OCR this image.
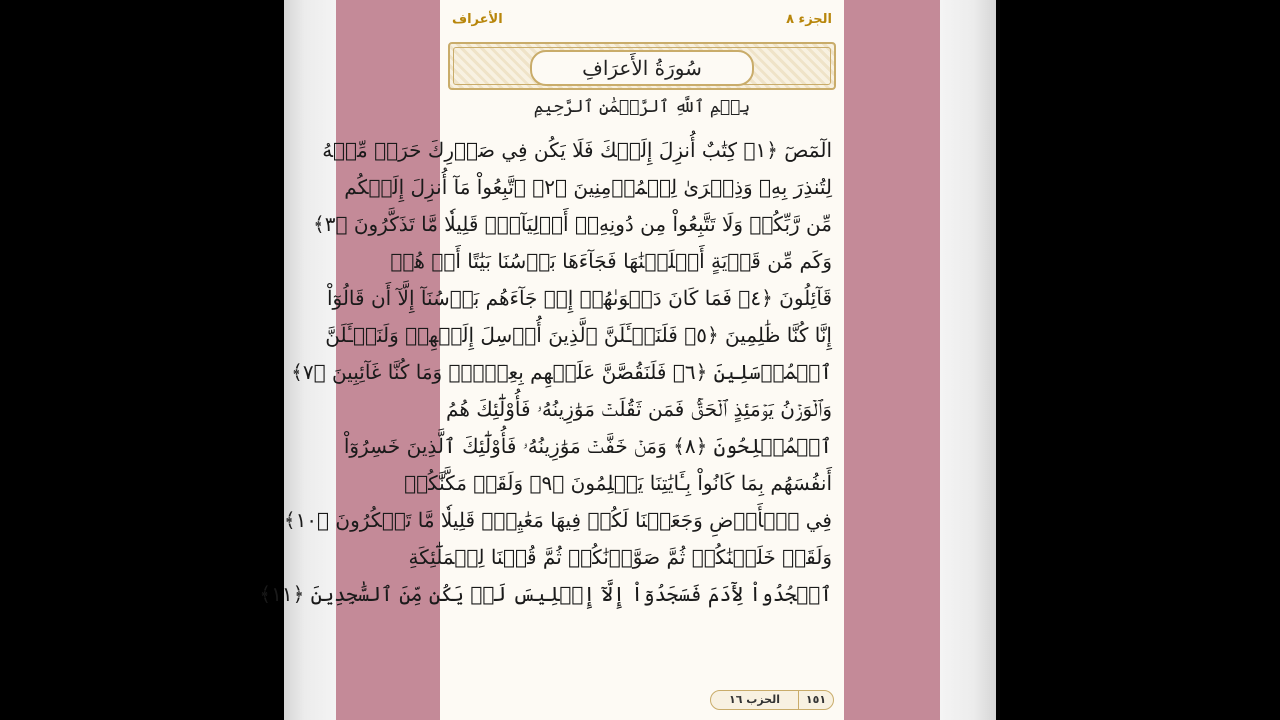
الجزء ٨
الأعراف
سُورَةُ الأَعرَافِ
بِسۡمِ ٱللَّهِ ٱلرَّحۡمَٰنِ ٱلرَّحِيمِ
الٓمٓصٓ ﴿١﴾ كِتَٰبٌ أُنزِلَ إِلَيۡكَ فَلَا يَكُن فِي صَدۡرِكَ حَرَجٞ مِّنۡهُ
لِتُنذِرَ بِهِۦ وَذِكۡرَىٰ لِلۡمُؤۡمِنِينَ ﴿٢﴾ ٱتَّبِعُواْ مَآ أُنزِلَ إِلَيۡكُم
مِّن رَّبِّكُمۡ وَلَا تَتَّبِعُواْ مِن دُونِهِۦٓ أَوۡلِيَآءَۗ قَلِيلٗا مَّا تَذَكَّرُونَ ﴿٣﴾
وَكَم مِّن قَرۡيَةٍ أَهۡلَكۡنَٰهَا فَجَآءَهَا بَأۡسُنَا بَيَٰتًا أَوۡ هُمۡ
قَآئِلُونَ ﴿٤﴾ فَمَا كَانَ دَعۡوَىٰهُمۡ إِذۡ جَآءَهُم بَأۡسُنَآ إِلَّآ أَن قَالُوٓاْ
إِنَّا كُنَّا ظَٰلِمِينَ ﴿٥﴾ فَلَنَسۡـَٔلَنَّ ٱلَّذِينَ أُرۡسِلَ إِلَيۡهِمۡ وَلَنَسۡـَٔلَنَّ
ٱلۡمُرۡسَلِينَ ﴿٦﴾ فَلَنَقُصَّنَّ عَلَيۡهِم بِعِلۡمٖۖ وَمَا كُنَّا غَآئِبِينَ ﴿٧﴾
وَٱلۡوَزۡنُ يَوۡمَئِذٍ ٱلۡحَقُّۚ فَمَن ثَقُلَتۡ مَوَٰزِينُهُۥ فَأُوْلَٰٓئِكَ هُمُ
ٱلۡمُفۡلِحُونَ ﴿٨﴾ وَمَنۡ خَفَّتۡ مَوَٰزِينُهُۥ فَأُوْلَٰٓئِكَ ٱلَّذِينَ خَسِرُوٓاْ
أَنفُسَهُم بِمَا كَانُواْ بِـَٔايَٰتِنَا يَظۡلِمُونَ ﴿٩﴾ وَلَقَدۡ مَكَّنَّٰكُمۡ
فِي ٱلۡأَرۡضِ وَجَعَلۡنَا لَكُمۡ فِيهَا مَعَٰيِشَۗ قَلِيلٗا مَّا تَشۡكُرُونَ ﴿١٠﴾
وَلَقَدۡ خَلَقۡنَٰكُمۡ ثُمَّ صَوَّرۡنَٰكُمۡ ثُمَّ قُلۡنَا لِلۡمَلَٰٓئِكَةِ
ٱسۡجُدُواْ لِأٓدَمَ فَسَجَدُوٓاْ إِلَّآ إِبۡلِيسَ لَمۡ يَكُن مِّنَ ٱلسَّٰجِدِينَ ﴿١١﴾
١٥١
الحزب ١٦
